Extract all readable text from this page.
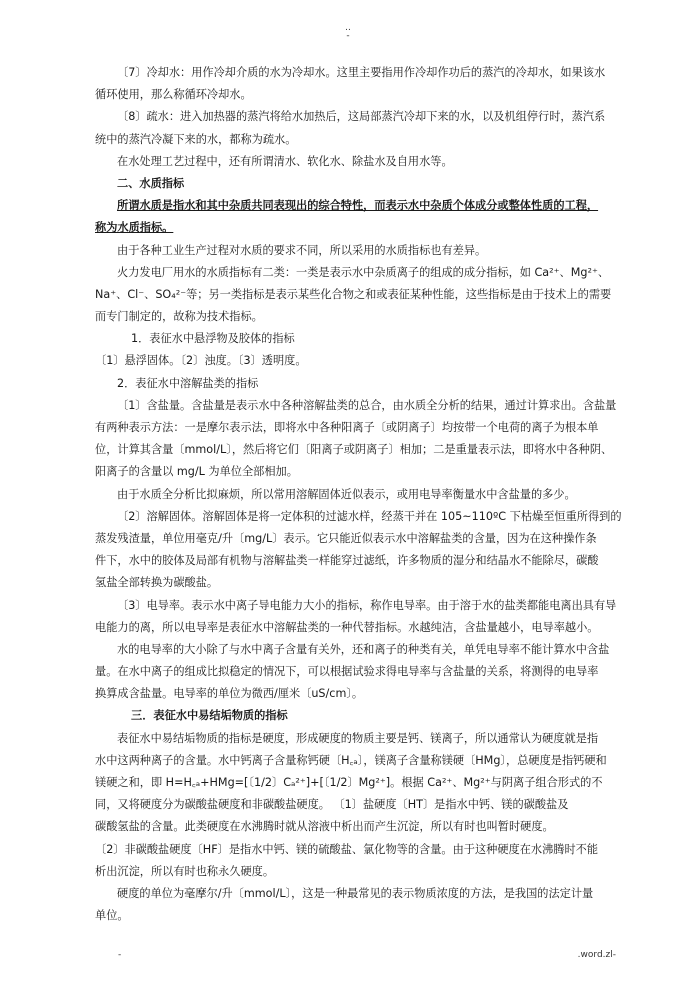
..
-
〔7〕冷却水：用作冷却介质的水为冷却水。这里主要指用作冷却作功后的蒸汽的冷却水，如果该水
循环使用，那么称循环冷却水。
〔8〕疏水：进入加热器的蒸汽将给水加热后，这局部蒸汽冷却下来的水，以及机组停行时，蒸汽系
统中的蒸汽冷凝下来的水，都称为疏水。
在水处理工艺过程中，还有所谓清水、软化水、除盐水及自用水等。
二、水质指标
所谓水质是指水和其中杂质共同表现出的综合特性，而表示水中杂质个体成分或整体性质的工程，
称为水质指标。
由于各种工业生产过程对水质的要求不同，所以采用的水质指标也有差异。
火力发电厂用水的水质指标有二类：一类是表示水中杂质离子的组成的成分指标，如 Ca²⁺、Mg²⁺、
Na⁺、Cl⁻、SO₄²⁻等；另一类指标是表示某些化合物之和或表征某种性能，这些指标是由于技术上的需要
而专门制定的，故称为技术指标。
1．表征水中悬浮物及胶体的指标
〔1〕悬浮固体。〔2〕浊度。〔3〕透明度。
2．表征水中溶解盐类的指标
〔1〕含盐量。含盐量是表示水中各种溶解盐类的总合，由水质全分析的结果，通过计算求出。含盐量
有两种表示方法：一是摩尔表示法，即将水中各种阳离子〔或阴离子〕均按带一个电荷的离子为根本单
位，计算其含量〔mmol/L〕，然后将它们〔阳离子或阴离子〕相加；二是重量表示法，即将水中各种阴、
阳离子的含量以 mg/L 为单位全部相加。
由于水质全分析比拟麻烦，所以常用溶解固体近似表示，或用电导率衡量水中含盐量的多少。
〔2〕溶解固体。溶解固体是将一定体积的过滤水样，经蒸干并在 105~110ºC 下枯燥至恒重所得到的
蒸发残渣量，单位用毫克/升〔mg/L〕表示。它只能近似表示水中溶解盐类的含量，因为在这种操作条
件下，水中的胶体及局部有机物与溶解盐类一样能穿过滤纸，许多物质的湿分和结晶水不能除尽，碳酸
氢盐全部转换为碳酸盐。
〔3〕电导率。表示水中离子导电能力大小的指标，称作电导率。由于溶于水的盐类都能电离出具有导
电能力的离，所以电导率是表征水中溶解盐类的一种代替指标。水越纯洁，含盐量越小，电导率越小。
水的电导率的大小除了与水中离子含量有关外，还和离子的种类有关，单凭电导率不能计算水中含盐
量。在水中离子的组成比拟稳定的情况下，可以根据试验求得电导率与含盐量的关系，将测得的电导率
换算成含盐量。电导率的单位为微西/厘米〔uS/cm〕。
三．表征水中易结垢物质的指标
表征水中易结垢物质的指标是硬度，形成硬度的物质主要是钙、镁离子，所以通常认为硬度就是指
水中这两种离子的含量。水中钙离子含量称钙硬〔H꜀ₐ〕，镁离子含量称镁硬〔HMg〕，总硬度是指钙硬和
镁硬之和，即 H=H꜀ₐ+HMg=[〔1/2〕Cₐ²⁺]+[〔1/2〕Mg²⁺]。根据 Ca²⁺、Mg²⁺与阴离子组合形式的不
同，又将硬度分为碳酸盐硬度和非碳酸盐硬度。 〔1〕盐硬度〔HT〕是指水中钙、镁的碳酸盐及
碳酸氢盐的含量。此类硬度在水沸腾时就从溶液中析出而产生沉淀，所以有时也叫暂时硬度。
〔2〕非碳酸盐硬度〔HF〕是指水中钙、镁的硫酸盐、氯化物等的含量。由于这种硬度在水沸腾时不能
析出沉淀，所以有时也称永久硬度。
硬度的单位为毫摩尔/升〔mmol/L〕，这是一种最常见的表示物质浓度的方法，是我国的法定计量
单位。
-	.word.zl-
